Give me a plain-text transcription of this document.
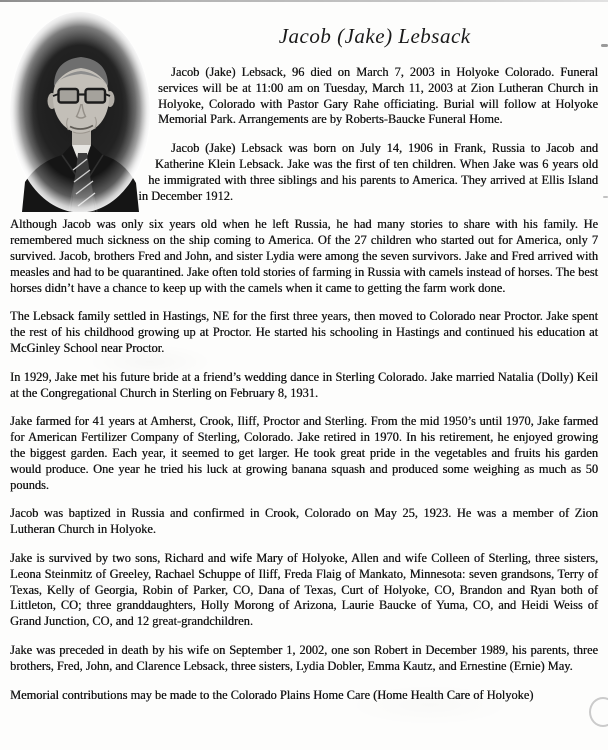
Jacob (Jake) Lebsack

Jacob (Jake) Lebsack, 96 died on March 7, 2003 in Holyoke Colorado. Funeral services will be at 11:00 am on Tuesday, March 11, 2003 at Zion Lutheran Church in Holyoke, Colorado with Pastor Gary Rahe officiating. Burial will follow at Holyoke Memorial Park. Arrangements are by Roberts-Baucke Funeral Home.

Jacob (Jake) Lebsack was born on July 14, 1906 in Frank, Russia to Jacob and Katherine Klein Lebsack. Jake was the first of ten children. When Jake was 6 years old he immigrated with three siblings and his parents to America. They arrived at Ellis Island in December 1912.

Although Jacob was only six years old when he left Russia, he had many stories to share with his family. He remembered much sickness on the ship coming to America. Of the 27 children who started out for America, only 7 survived. Jacob, brothers Fred and John, and sister Lydia were among the seven survivors. Jake and Fred arrived with measles and had to be quarantined. Jake often told stories of farming in Russia with camels instead of horses. The best horses didn’t have a chance to keep up with the camels when it came to getting the farm work done.

The Lebsack family settled in Hastings, NE for the first three years, then moved to Colorado near Proctor. Jake spent the rest of his childhood growing up at Proctor. He started his schooling in Hastings and continued his education at McGinley School near Proctor.

In 1929, Jake met his future bride at a friend’s wedding dance in Sterling Colorado. Jake married Natalia (Dolly) Keil at the Congregational Church in Sterling on February 8, 1931.

Jake farmed for 41 years at Amherst, Crook, Iliff, Proctor and Sterling. From the mid 1950’s until 1970, Jake farmed for American Fertilizer Company of Sterling, Colorado. Jake retired in 1970. In his retirement, he enjoyed growing the biggest garden. Each year, it seemed to get larger. He took great pride in the vegetables and fruits his garden would produce. One year he tried his luck at growing banana squash and produced some weighing as much as 50 pounds.

Jacob was baptized in Russia and confirmed in Crook, Colorado on May 25, 1923. He was a member of Zion Lutheran Church in Holyoke.

Jake is survived by two sons, Richard and wife Mary of Holyoke, Allen and wife Colleen of Sterling, three sisters, Leona Steinmitz of Greeley, Rachael Schuppe of Iliff, Freda Flaig of Mankato, Minnesota: seven grandsons, Terry of Texas, Kelly of Georgia, Robin of Parker, CO, Dana of Texas, Curt of Holyoke, CO, Brandon and Ryan both of Littleton, CO; three granddaughters, Holly Morong of Arizona, Laurie Baucke of Yuma, CO, and Heidi Weiss of Grand Junction, CO, and 12 great-grandchildren.

Jake was preceded in death by his wife on September 1, 2002, one son Robert in December 1989, his parents, three brothers, Fred, John, and Clarence Lebsack, three sisters, Lydia Dobler, Emma Kautz, and Ernestine (Ernie) May.

Memorial contributions may be made to the Colorado Plains Home Care (Home Health Care of Holyoke)
